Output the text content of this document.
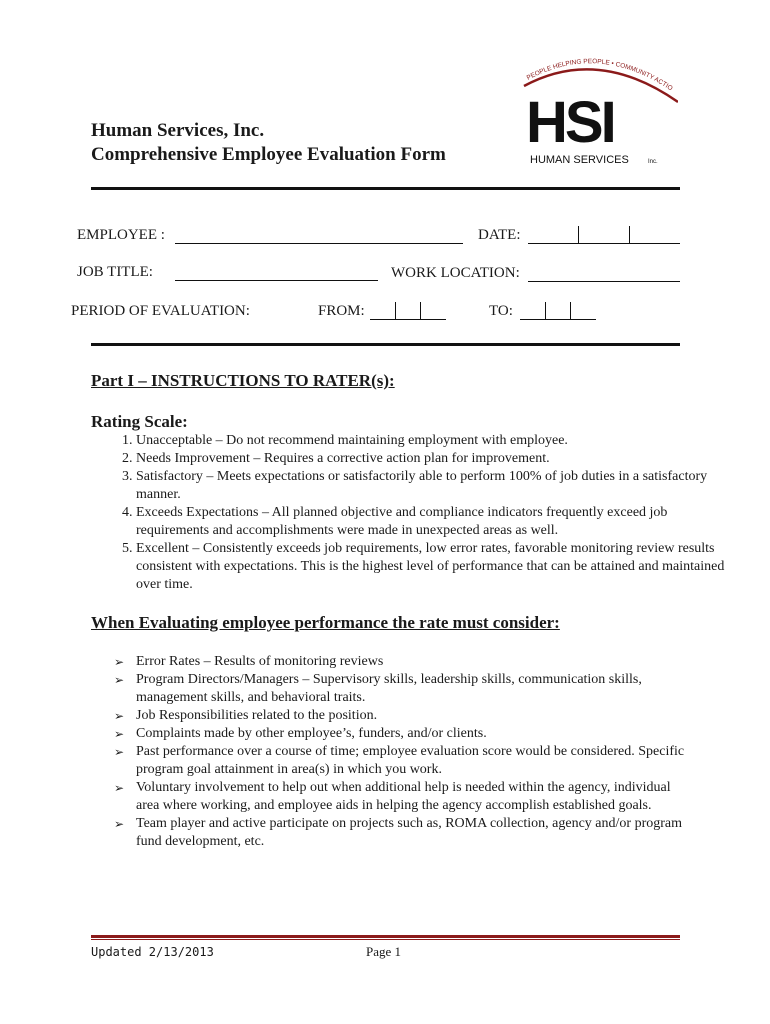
Human Services, Inc.
Comprehensive Employee Evaluation Form
PEOPLE HELPING PEOPLE • COMMUNITY ACTIO
HSI
HUMAN SERVICES	Inc.
EMPLOYEE :	DATE:
JOB TITLE:	WORK LOCATION:
PERIOD OF EVALUATION:	FROM:	TO:
Part I – INSTRUCTIONS TO RATER(s):
Rating Scale:
1. Unacceptable – Do not recommend maintaining employment with employee.
2. Needs Improvement – Requires a corrective action plan for improvement.
3. Satisfactory – Meets expectations or satisfactorily able to perform 100% of job duties in a satisfactory manner.
4. Exceeds Expectations – All planned objective and compliance indicators frequently exceed job requirements and accomplishments were made in unexpected areas as well.
5. Excellent – Consistently exceeds job requirements, low error rates, favorable monitoring review results consistent with expectations. This is the highest level of performance that can be attained and maintained over time.
When Evaluating employee performance the rate must consider:
➢ Error Rates – Results of monitoring reviews
➢ Program Directors/Managers – Supervisory skills, leadership skills, communication skills, management skills, and behavioral traits.
➢ Job Responsibilities related to the position.
➢ Complaints made by other employee’s, funders, and/or clients.
➢ Past performance over a course of time; employee evaluation score would be considered. Specific program goal attainment in area(s) in which you work.
➢ Voluntary involvement to help out when additional help is needed within the agency, individual area where working, and employee aids in helping the agency accomplish established goals.
➢ Team player and active participate on projects such as, ROMA collection, agency and/or program fund development, etc.
Updated 2/13/2013	Page 1
